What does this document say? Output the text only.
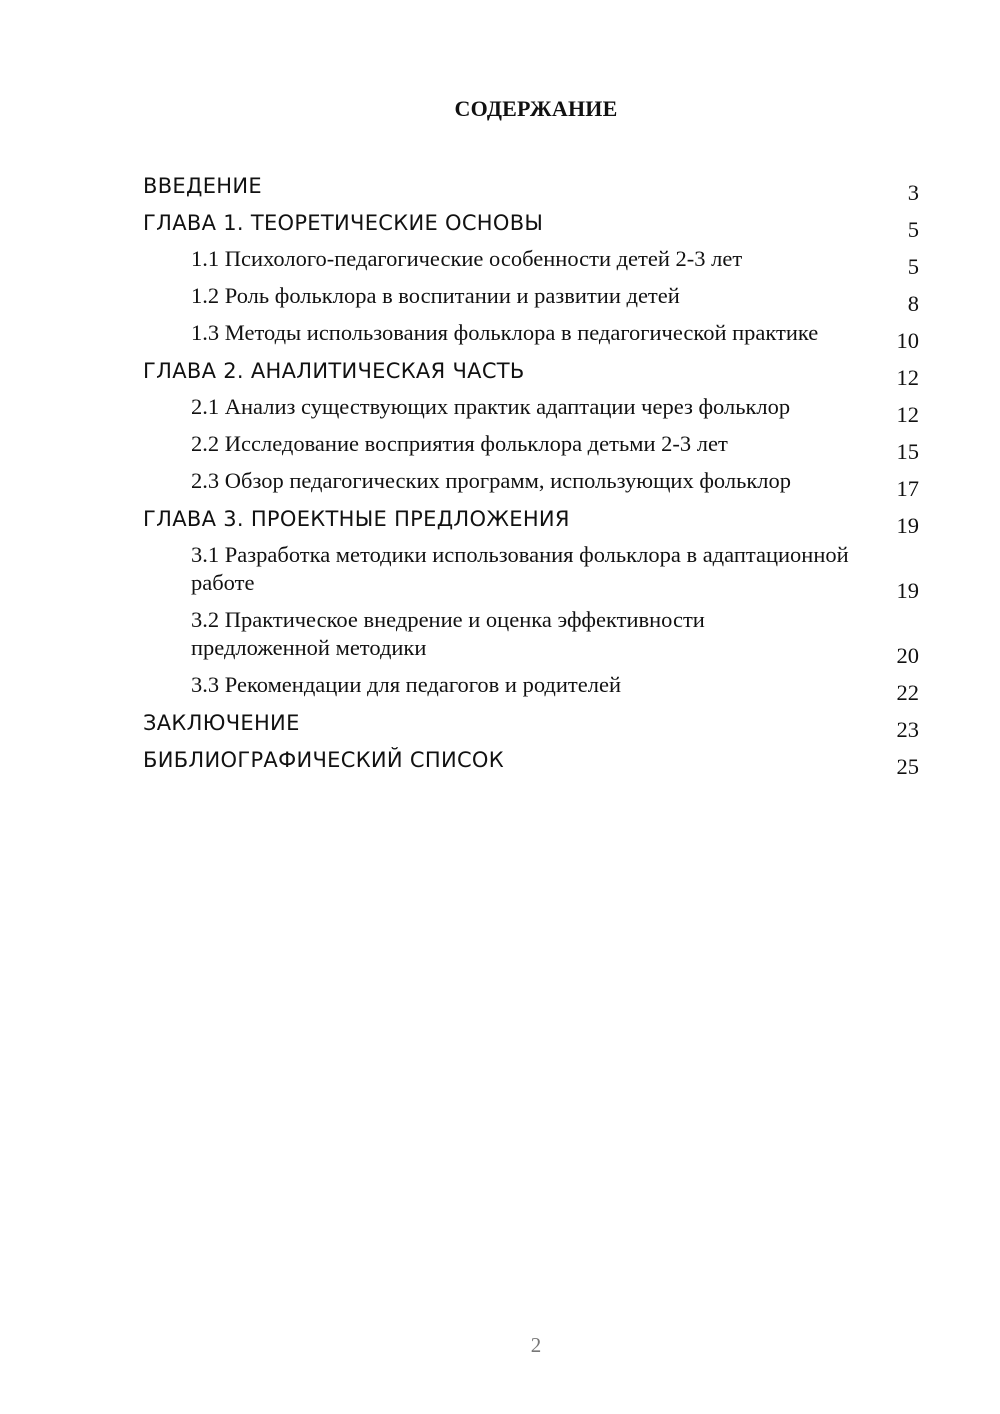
СОДЕРЖАНИЕ
ВВЕДЕНИЕ	3
ГЛАВА 1. ТЕОРЕТИЧЕСКИЕ ОСНОВЫ	5
1.1 Психолого-педагогические особенности детей 2-3 лет	5
1.2 Роль фольклора в воспитании и развитии детей	8
1.3 Методы использования фольклора в педагогической практике	10
ГЛАВА 2. АНАЛИТИЧЕСКАЯ ЧАСТЬ	12
2.1 Анализ существующих практик адаптации через фольклор	12
2.2 Исследование восприятия фольклора детьми 2-3 лет	15
2.3 Обзор педагогических программ, использующих фольклор	17
ГЛАВА 3. ПРОЕКТНЫЕ ПРЕДЛОЖЕНИЯ	19
3.1 Разработка методики использования фольклора в адаптационной работе	19
3.2 Практическое внедрение и оценка эффективности предложенной методики	20
3.3 Рекомендации для педагогов и родителей	22
ЗАКЛЮЧЕНИЕ	23
БИБЛИОГРАФИЧЕСКИЙ СПИСОК	25
2
